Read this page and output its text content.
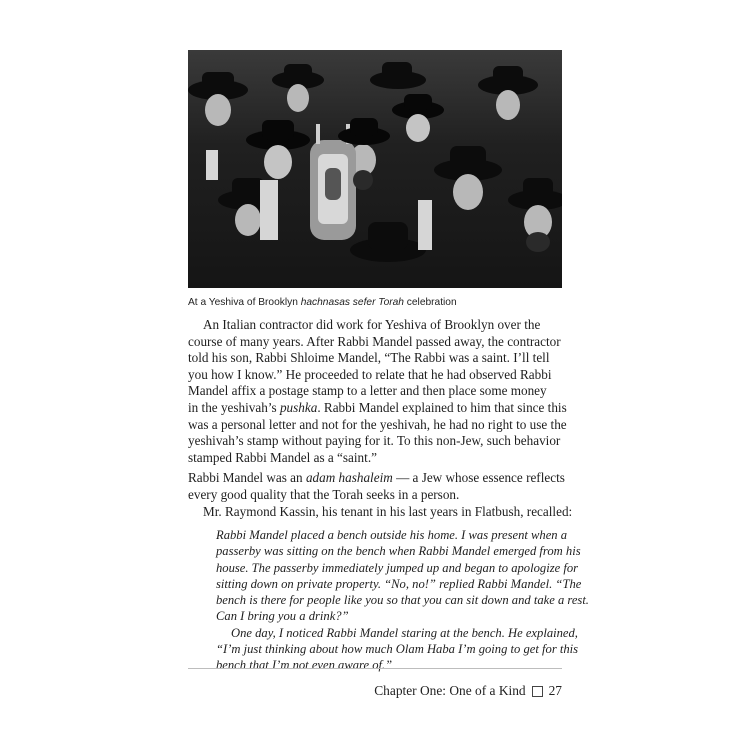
At a Yeshiva of Brooklyn hachnasas sefer Torah celebration
An Italian contractor did work for Yeshiva of Brooklyn over the
course of many years. After Rabbi Mandel passed away, the contractor
told his son, Rabbi Shloime Mandel, “The Rabbi was a saint. I’ll tell
you how I know.” He proceeded to relate that he had observed Rabbi
Mandel affix a postage stamp to a letter and then place some money
in the yeshivah’s pushka. Rabbi Mandel explained to him that since this
was a personal letter and not for the yeshivah, he had no right to use the
yeshivah’s stamp without paying for it. To this non-Jew, such behavior
stamped Rabbi Mandel as a “saint.”
Rabbi Mandel was an adam hashaleim — a Jew whose essence reflects
every good quality that the Torah seeks in a person.
Mr. Raymond Kassin, his tenant in his last years in Flatbush, recalled:
Rabbi Mandel placed a bench outside his home. I was present when a
passerby was sitting on the bench when Rabbi Mandel emerged from his
house. The passerby immediately jumped up and began to apologize for
sitting down on private property. “No, no!” replied Rabbi Mandel. “The
bench is there for people like you so that you can sit down and take a rest.
Can I bring you a drink?”
One day, I noticed Rabbi Mandel staring at the bench. He explained,
“I’m just thinking about how much Olam Haba I’m going to get for this
bench that I’m not even aware of.”
Chapter One: One of a Kind 27
